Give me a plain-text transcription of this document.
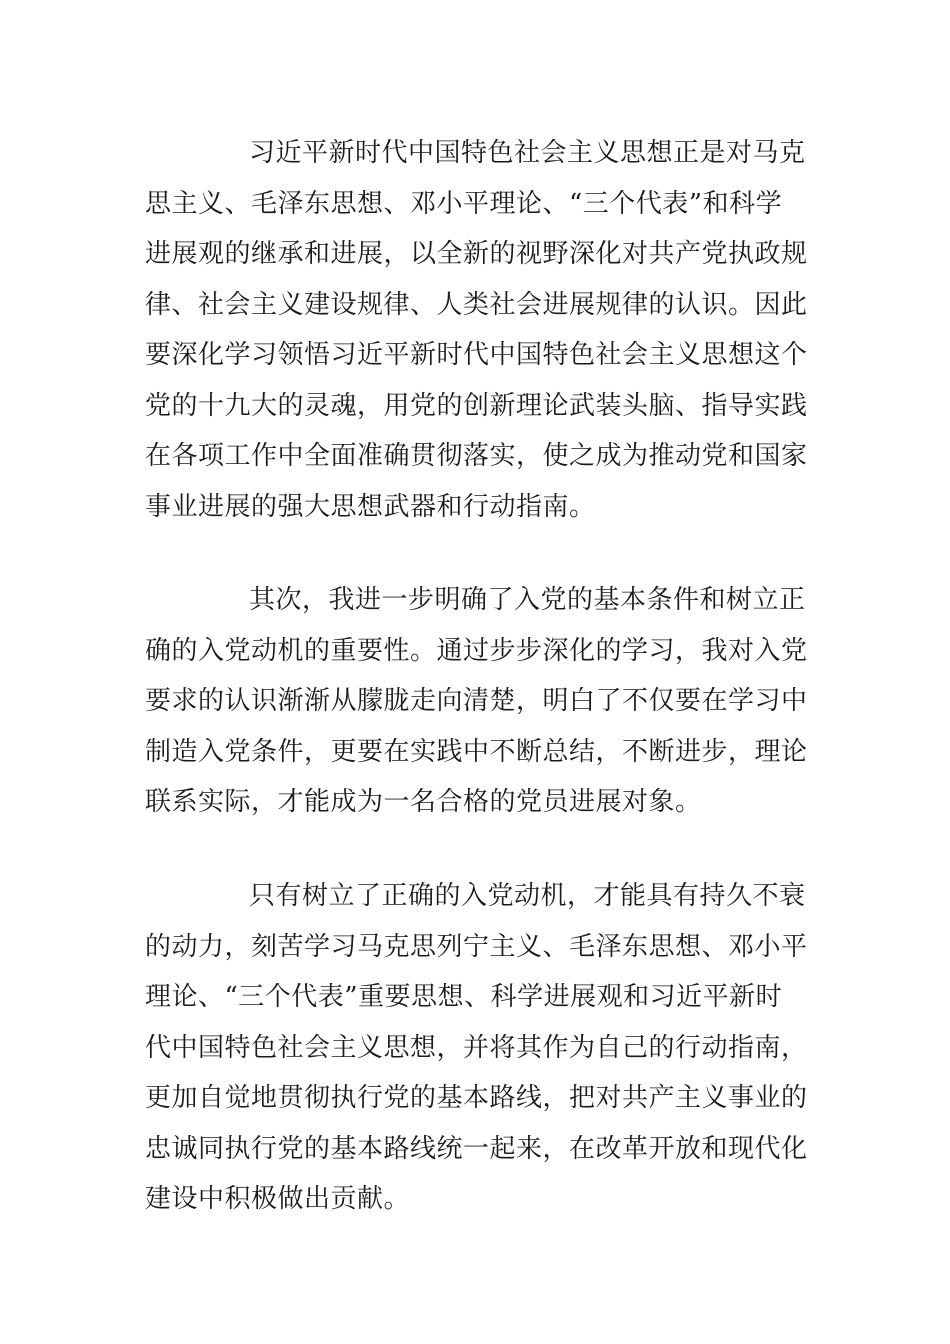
习近平新时代中国特色社会主义思想正是对马克
思主义、毛泽东思想、邓小平理论、“三个代表”和科学
进展观的继承和进展，以全新的视野深化对共产党执政规
律、社会主义建设规律、人类社会进展规律的认识。因此
要深化学习领悟习近平新时代中国特色社会主义思想这个
党的十九大的灵魂，用党的创新理论武装头脑、指导实践
在各项工作中全面准确贯彻落实，使之成为推动党和国家
事业进展的强大思想武器和行动指南。
其次，我进一步明确了入党的基本条件和树立正
确的入党动机的重要性。通过步步深化的学习，我对入党
要求的认识渐渐从朦胧走向清楚，明白了不仅要在学习中
制造入党条件，更要在实践中不断总结，不断进步，理论
联系实际，才能成为一名合格的党员进展对象。
只有树立了正确的入党动机，才能具有持久不衰
的动力，刻苦学习马克思列宁主义、毛泽东思想、邓小平
理论、“三个代表”重要思想、科学进展观和习近平新时
代中国特色社会主义思想，并将其作为自己的行动指南，
更加自觉地贯彻执行党的基本路线，把对共产主义事业的
忠诚同执行党的基本路线统一起来，在改革开放和现代化
建设中积极做出贡献。
